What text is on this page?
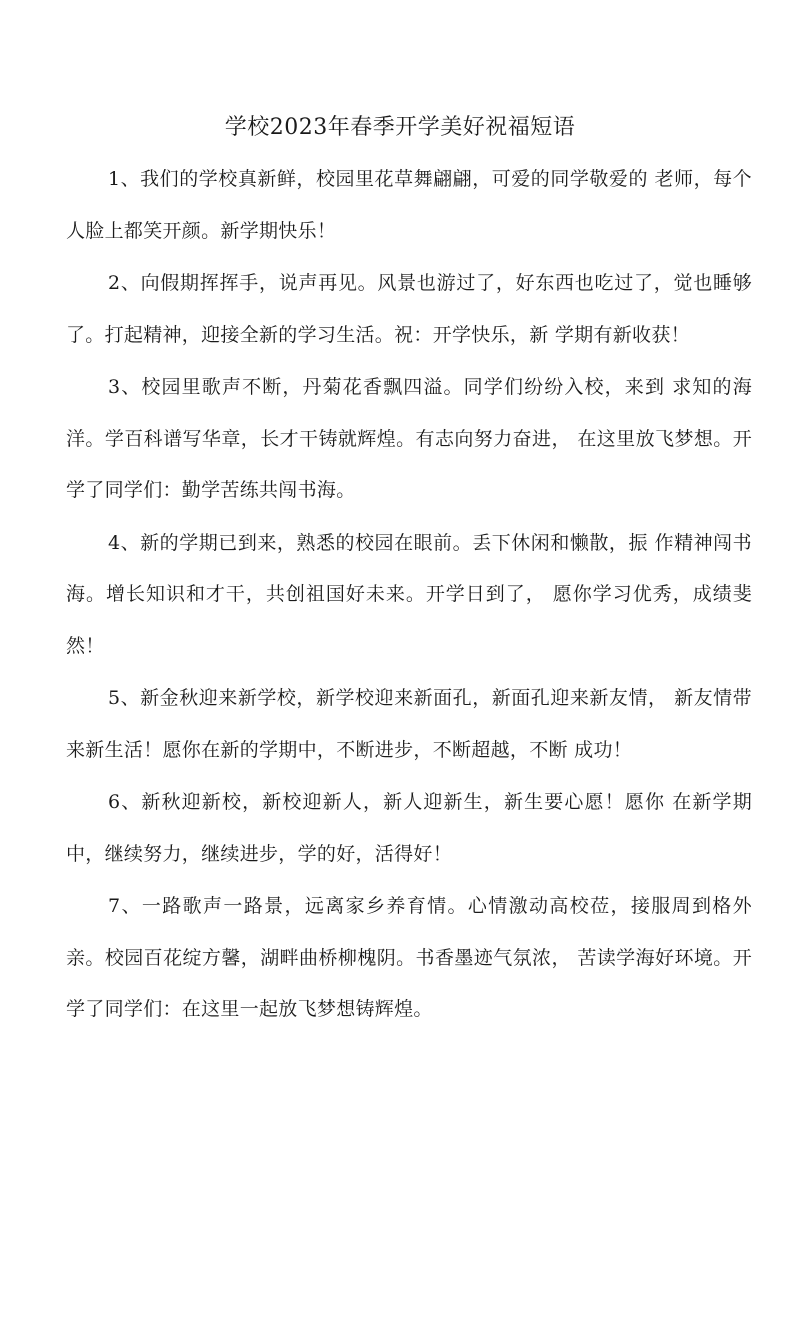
学校2023年春季开学美好祝福短语

1、我们的学校真新鲜，校园里花草舞翩翩，可爱的同学敬爱的 老师，每个人脸上都笑开颜。新学期快乐！

2、向假期挥挥手，说声再见。风景也游过了，好东西也吃过了，觉也睡够了。打起精神，迎接全新的学习生活。祝：开学快乐，新 学期有新收获！

3、校园里歌声不断，丹菊花香飘四溢。同学们纷纷入校，来到 求知的海洋。学百科谱写华章，长才干铸就辉煌。有志向努力奋进， 在这里放飞梦想。开学了同学们：勤学苦练共闯书海。

4、新的学期已到来，熟悉的校园在眼前。丢下休闲和懒散，振 作精神闯书海。增长知识和才干，共创祖国好未来。开学日到了， 愿你学习优秀，成绩斐然！

5、新金秋迎来新学校，新学校迎来新面孔，新面孔迎来新友情， 新友情带来新生活！愿你在新的学期中，不断进步，不断超越，不断 成功！

6、新秋迎新校，新校迎新人，新人迎新生，新生要心愿！愿你 在新学期中，继续努力，继续进步，学的好，活得好！

7、一路歌声一路景，远离家乡养育情。心情激动高校莅，接服周到格外亲。校园百花绽方馨，湖畔曲桥柳槐阴。书香墨迹气氛浓， 苦读学海好环境。开学了同学们：在这里一起放飞梦想铸辉煌。
